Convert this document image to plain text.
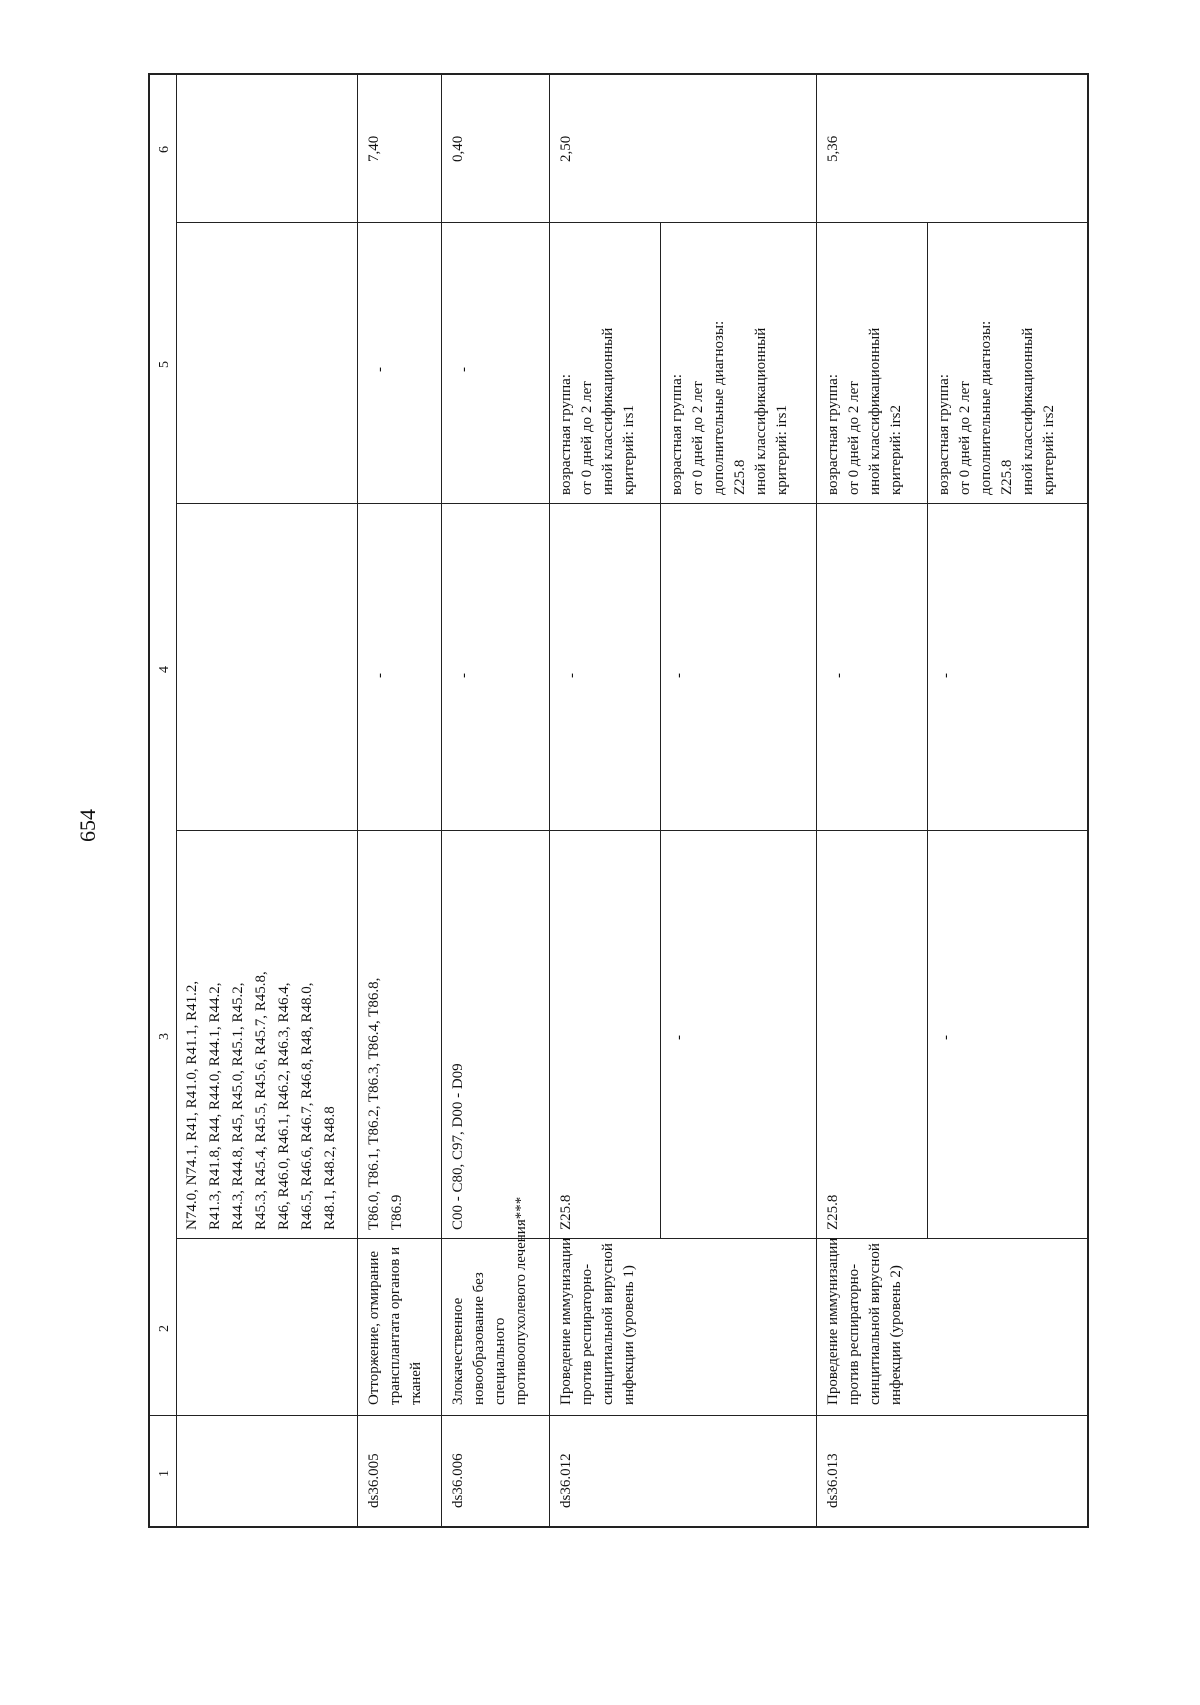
654
1
2
3
4
5
6
N74.0, N74.1, R41, R41.0, R41.1, R41.2, R41.3, R41.8, R44, R44.0, R44.1, R44.2, R44.3, R44.8, R45, R45.0, R45.1, R45.2, R45.3, R45.4, R45.5, R45.6, R45.7, R45.8, R46, R46.0, R46.1, R46.2, R46.3, R46.4, R46.5, R46.6, R46.7, R46.8, R48, R48.0, R48.1, R48.2, R48.8
ds36.005
Отторжение, отмирание трансплантата органов и тканей
T86.0, T86.1, T86.2, T86.3, T86.4, T86.8, T86.9
-
-
7,40
ds36.006
Злокачественное новообразование без специального противоопухолевого лечения***
C00 - C80, C97, D00 - D09
-
-
0,40
ds36.012
Проведение иммунизации против респираторно- синцитиальной вирусной инфекции (уровень 1)
2,50
Z25.8
-
возрастная группа: от 0 дней до 2 лет иной классификационный критерий: irs1
-
-
возрастная группа: от 0 дней до 2 лет дополнительные диагнозы: Z25.8 иной классификационный критерий: irs1
ds36.013
Проведение иммунизации против респираторно- синцитиальной вирусной инфекции (уровень 2)
5,36
Z25.8
-
возрастная группа: от 0 дней до 2 лет иной классификационный критерий: irs2
-
-
возрастная группа: от 0 дней до 2 лет дополнительные диагнозы: Z25.8 иной классификационный критерий: irs2
